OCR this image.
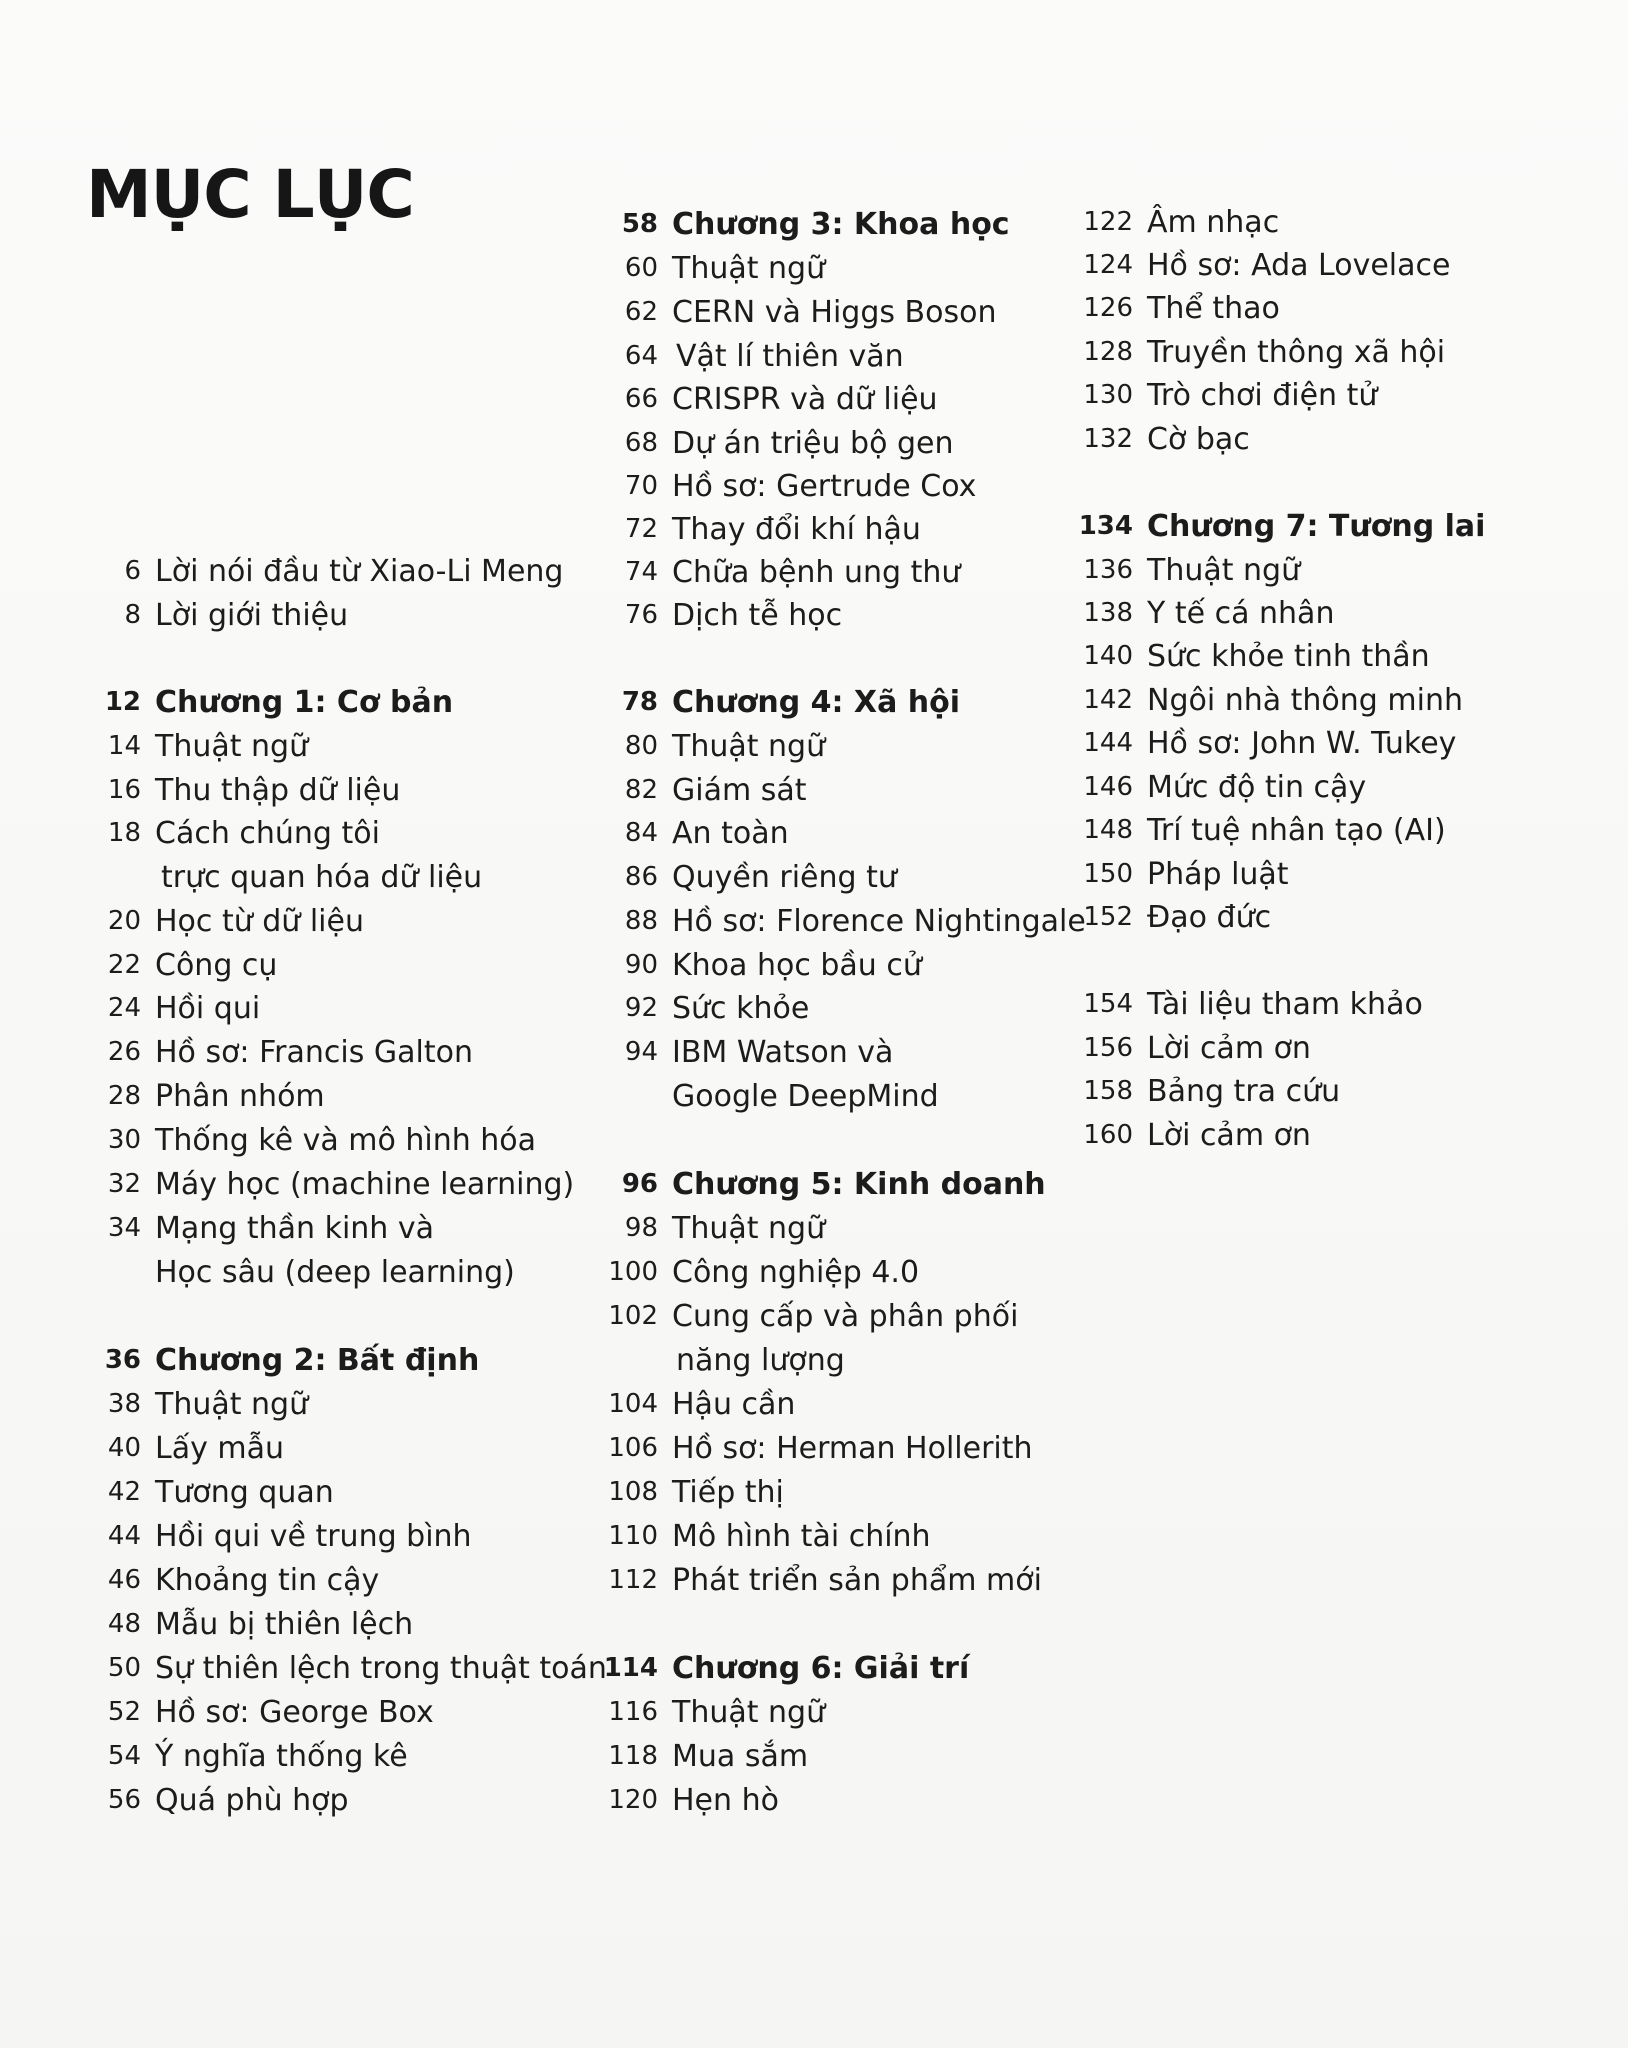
MỤC LỤC
6 Lời nói đầu từ Xiao-Li Meng
8 Lời giới thiệu
12 Chương 1: Cơ bản
14 Thuật ngữ
16 Thu thập dữ liệu
18 Cách chúng tôi
trực quan hóa dữ liệu
20 Học từ dữ liệu
22 Công cụ
24 Hồi qui
26 Hồ sơ: Francis Galton
28 Phân nhóm
30 Thống kê và mô hình hóa
32 Máy học (machine learning)
34 Mạng thần kinh và
Học sâu (deep learning)
36 Chương 2: Bất định
38 Thuật ngữ
40 Lấy mẫu
42 Tương quan
44 Hồi qui về trung bình
46 Khoảng tin cậy
48 Mẫu bị thiên lệch
50 Sự thiên lệch trong thuật toán
52 Hồ sơ: George Box
54 Ý nghĩa thống kê
56 Quá phù hợp
58 Chương 3: Khoa học
60 Thuật ngữ
62 CERN và Higgs Boson
64 Vật lí thiên văn
66 CRISPR và dữ liệu
68 Dự án triệu bộ gen
70 Hồ sơ: Gertrude Cox
72 Thay đổi khí hậu
74 Chữa bệnh ung thư
76 Dịch tễ học
78 Chương 4: Xã hội
80 Thuật ngữ
82 Giám sát
84 An toàn
86 Quyền riêng tư
88 Hồ sơ: Florence Nightingale
90 Khoa học bầu cử
92 Sức khỏe
94 IBM Watson và
Google DeepMind
96 Chương 5: Kinh doanh
98 Thuật ngữ
100 Công nghiệp 4.0
102 Cung cấp và phân phối
năng lượng
104 Hậu cần
106 Hồ sơ: Herman Hollerith
108 Tiếp thị
110 Mô hình tài chính
112 Phát triển sản phẩm mới
114 Chương 6: Giải trí
116 Thuật ngữ
118 Mua sắm
120 Hẹn hò
122 Âm nhạc
124 Hồ sơ: Ada Lovelace
126 Thể thao
128 Truyền thông xã hội
130 Trò chơi điện tử
132 Cờ bạc
134 Chương 7: Tương lai
136 Thuật ngữ
138 Y tế cá nhân
140 Sức khỏe tinh thần
142 Ngôi nhà thông minh
144 Hồ sơ: John W. Tukey
146 Mức độ tin cậy
148 Trí tuệ nhân tạo (AI)
150 Pháp luật
152 Đạo đức
154 Tài liệu tham khảo
156 Lời cảm ơn
158 Bảng tra cứu
160 Lời cảm ơn
